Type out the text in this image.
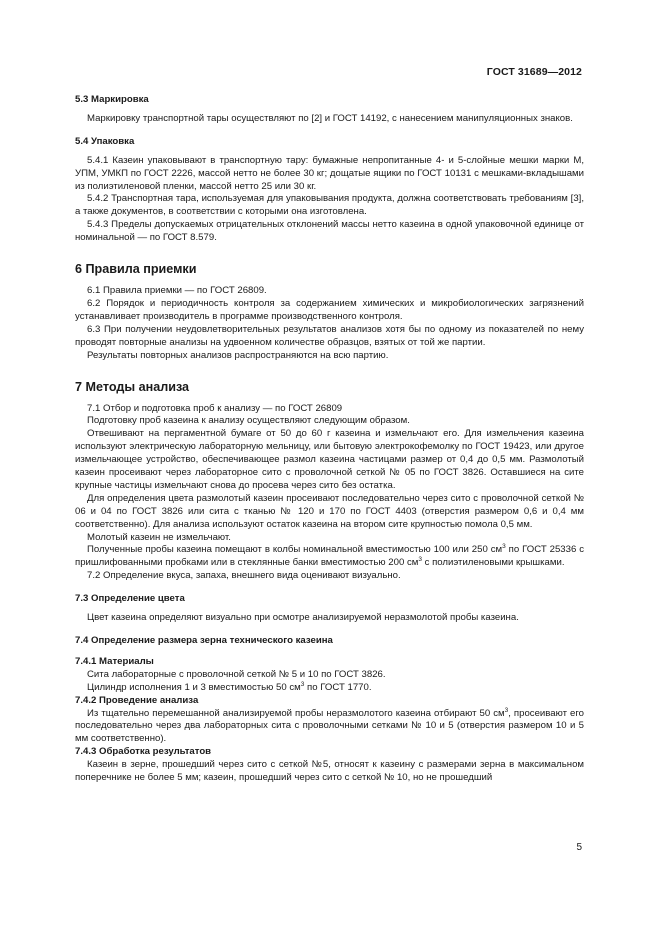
ГОСТ 31689—2012

5.3 Маркировка

Маркировку транспортной тары осуществляют по [2] и ГОСТ 14192, с нанесением манипуляционных знаков.

5.4 Упаковка

5.4.1 Казеин упаковывают в транспортную тару: бумажные непропитанные 4- и 5-слойные мешки марки М, УПМ, УМКП по ГОСТ 2226, массой нетто не более 30 кг; дощатые ящики по ГОСТ 10131 с мешками-вкладышами из полиэтиленовой пленки, массой нетто 25 или 30 кг.

5.4.2 Транспортная тара, используемая для упаковывания продукта, должна соответствовать требованиям [3], а также документов, в соответствии с которыми она изготовлена.

5.4.3 Пределы допускаемых отрицательных отклонений массы нетто казеина в одной упаковочной единице от номинальной — по ГОСТ 8.579.

6 Правила приемки

6.1 Правила приемки — по ГОСТ 26809.

6.2 Порядок и периодичность контроля за содержанием химических и микробиологических загрязнений устанавливает производитель в программе производственного контроля.

6.3 При получении неудовлетворительных результатов анализов хотя бы по одному из показателей по нему проводят повторные анализы на удвоенном количестве образцов, взятых от той же партии.

Результаты повторных анализов распространяются на всю партию.

7 Методы анализа

7.1 Отбор и подготовка проб к анализу — по ГОСТ 26809

Подготовку проб казеина к анализу осуществляют следующим образом.

Отвешивают на пергаментной бумаге от 50 до 60 г казеина и измельчают его. Для измельчения казеина используют электрическую лабораторную мельницу, или бытовую электрокофемолку по ГОСТ 19423, или другое измельчающее устройство, обеспечивающее размол казеина частицами размер от 0,4 до 0,5 мм. Размолотый казеин просеивают через лабораторное сито с проволочной сеткой № 05 по ГОСТ 3826. Оставшиеся на сите крупные частицы измельчают снова до просева через сито без остатка.

Для определения цвета размолотый казеин просеивают последовательно через сито с проволочной сеткой № 06 и 04 по ГОСТ 3826 или сита с тканью № 120 и 170 по ГОСТ 4403 (отверстия размером 0,6 и 0,4 мм соответственно). Для анализа используют остаток казеина на втором сите крупностью помола 0,5 мм.

Молотый казеин не измельчают.

Полученные пробы казеина помещают в колбы номинальной вместимостью 100 или 250 $см^3$ по ГОСТ 25336 с пришлифованными пробками или в стеклянные банки вместимостью 200 $см^3$ с полиэтиленовыми крышками.

7.2 Определение вкуса, запаха, внешнего вида оценивают визуально.

7.3 Определение цвета

Цвет казеина определяют визуально при осмотре анализируемой неразмолотой пробы казеина.

7.4 Определение размера зерна технического казеина

7.4.1 Материалы

Сита лабораторные с проволочной сеткой № 5 и 10 по ГОСТ 3826.

Цилиндр исполнения 1 и 3 вместимостью 50 $см^3$ по ГОСТ 1770.

7.4.2 Проведение анализа

Из тщательно перемешанной анализируемой пробы неразмолотого казеина отбирают 50 $см^3$, просеивают его последовательно через два лабораторных сита с проволочными сетками № 10 и 5 (отверстия размером 10 и 5 мм соответственно).

7.4.3 Обработка результатов

Казеин в зерне, прошедший через сито с сеткой №5, относят к казеину с размерами зерна в максимальном поперечнике не более 5 мм; казеин, прошедший через сито с сеткой № 10, но не прошедший

5
